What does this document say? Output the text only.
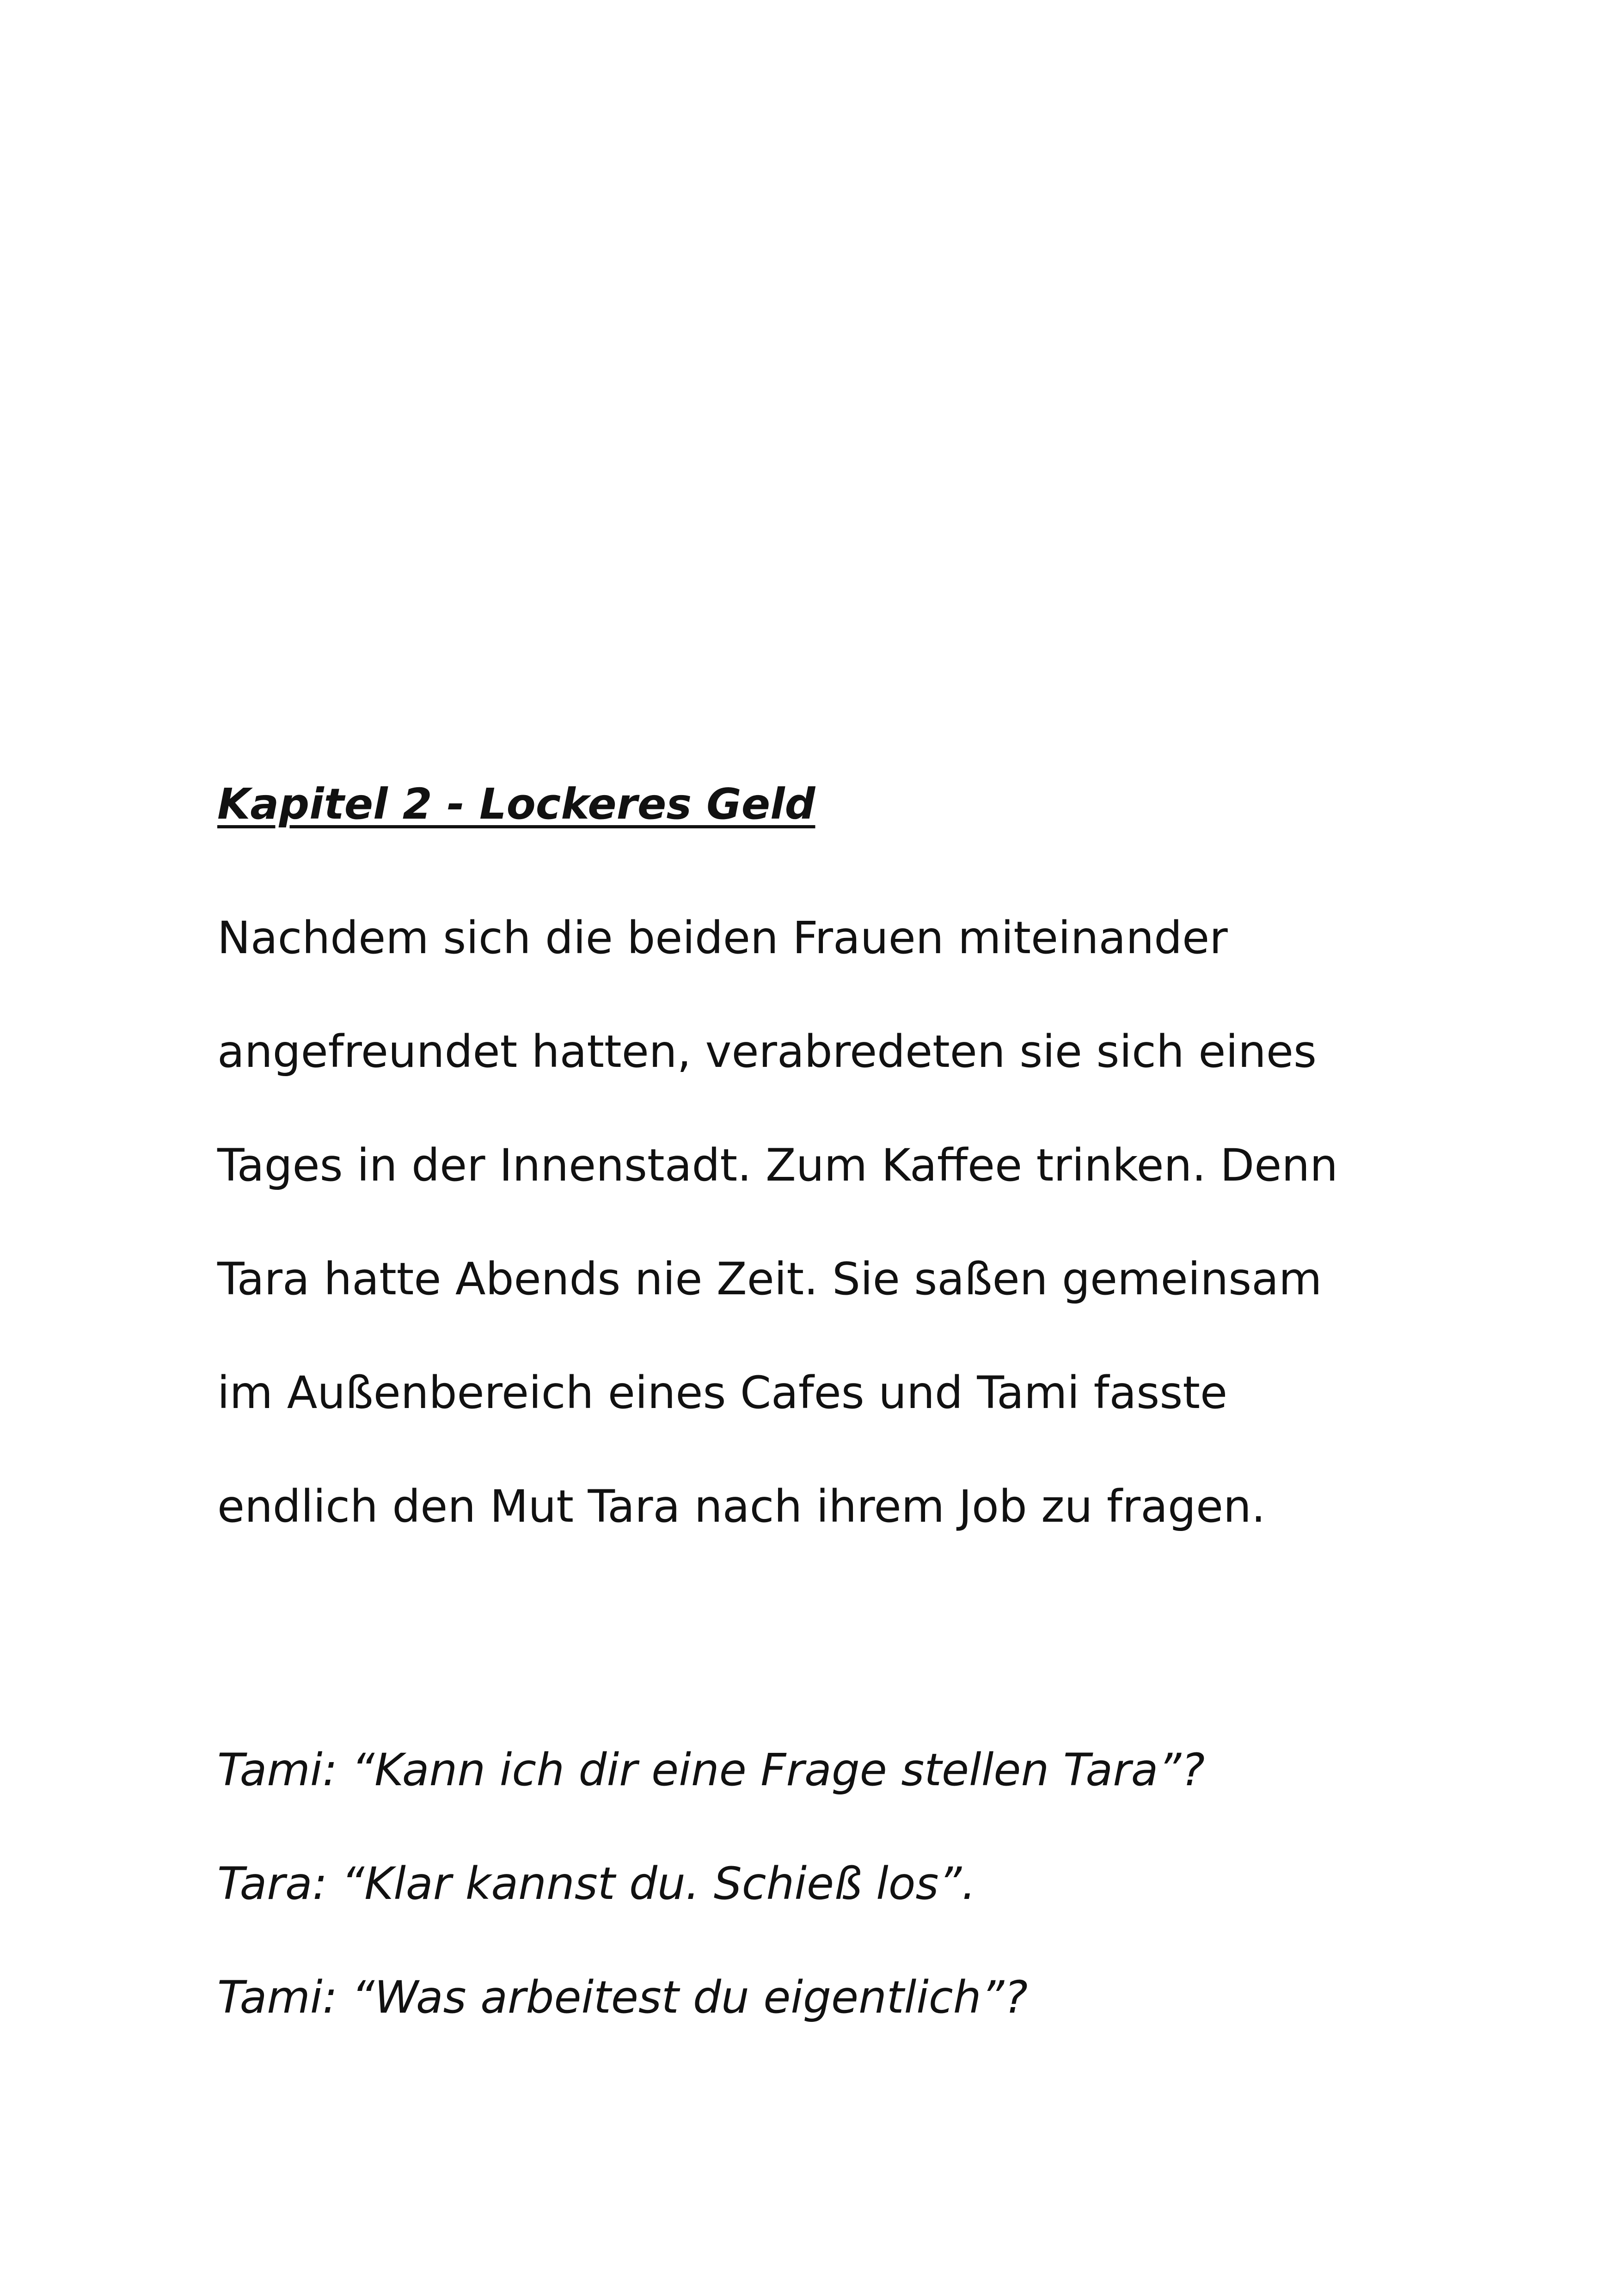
Kapitel 2 - Lockeres Geld
Nachdem sich die beiden Frauen miteinander
angefreundet hatten, verabredeten sie sich eines
Tages in der Innenstadt. Zum Kaffee trinken. Denn
Tara hatte Abends nie Zeit. Sie saßen gemeinsam
im Außenbereich eines Cafes und Tami fasste
endlich den Mut Tara nach ihrem Job zu fragen.
Tami: “Kann ich dir eine Frage stellen Tara”?
Tara: “Klar kannst du. Schieß los”.
Tami: “Was arbeitest du eigentlich”?
